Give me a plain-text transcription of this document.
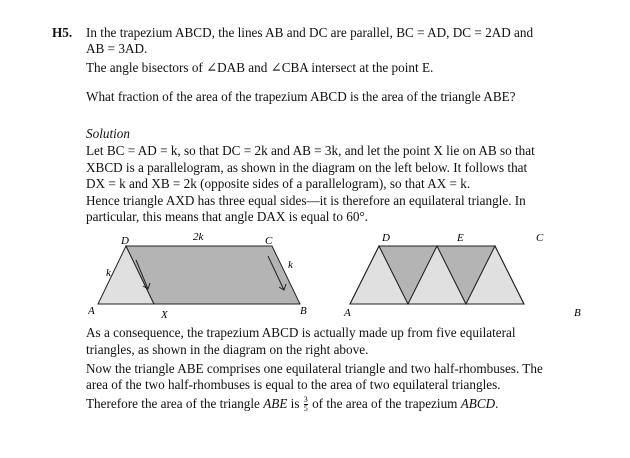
H5. In the trapezium ABCD, the lines AB and DC are parallel, BC = AD, DC = 2AD and
AB = 3AD.
The angle bisectors of ∠DAB and ∠CBA intersect at the point E.
What fraction of the area of the trapezium ABCD is the area of the triangle ABE?
Solution
Let BC = AD = k, so that DC = 2k and AB = 3k, and let the point X lie on AB so that
XBCD is a parallelogram, as shown in the diagram on the left below. It follows that
DX = k and XB = 2k (opposite sides of a parallelogram), so that AX = k.
Hence triangle AXD has three equal sides—it is therefore an equilateral triangle. In
particular, this means that angle DAX is equal to 60°.
D	2k	C
k
k
A	X	B
D	E	C
A	B
As a consequence, the trapezium ABCD is actually made up from five equilateral
triangles, as shown in the diagram on the right above.
Now the triangle ABE comprises one equilateral triangle and two half-rhombuses. The
area of the two half-rhombuses is equal to the area of two equilateral triangles.
Therefore the area of the triangle ABE is $\frac{3}{5}$ of the area of the trapezium ABCD.
